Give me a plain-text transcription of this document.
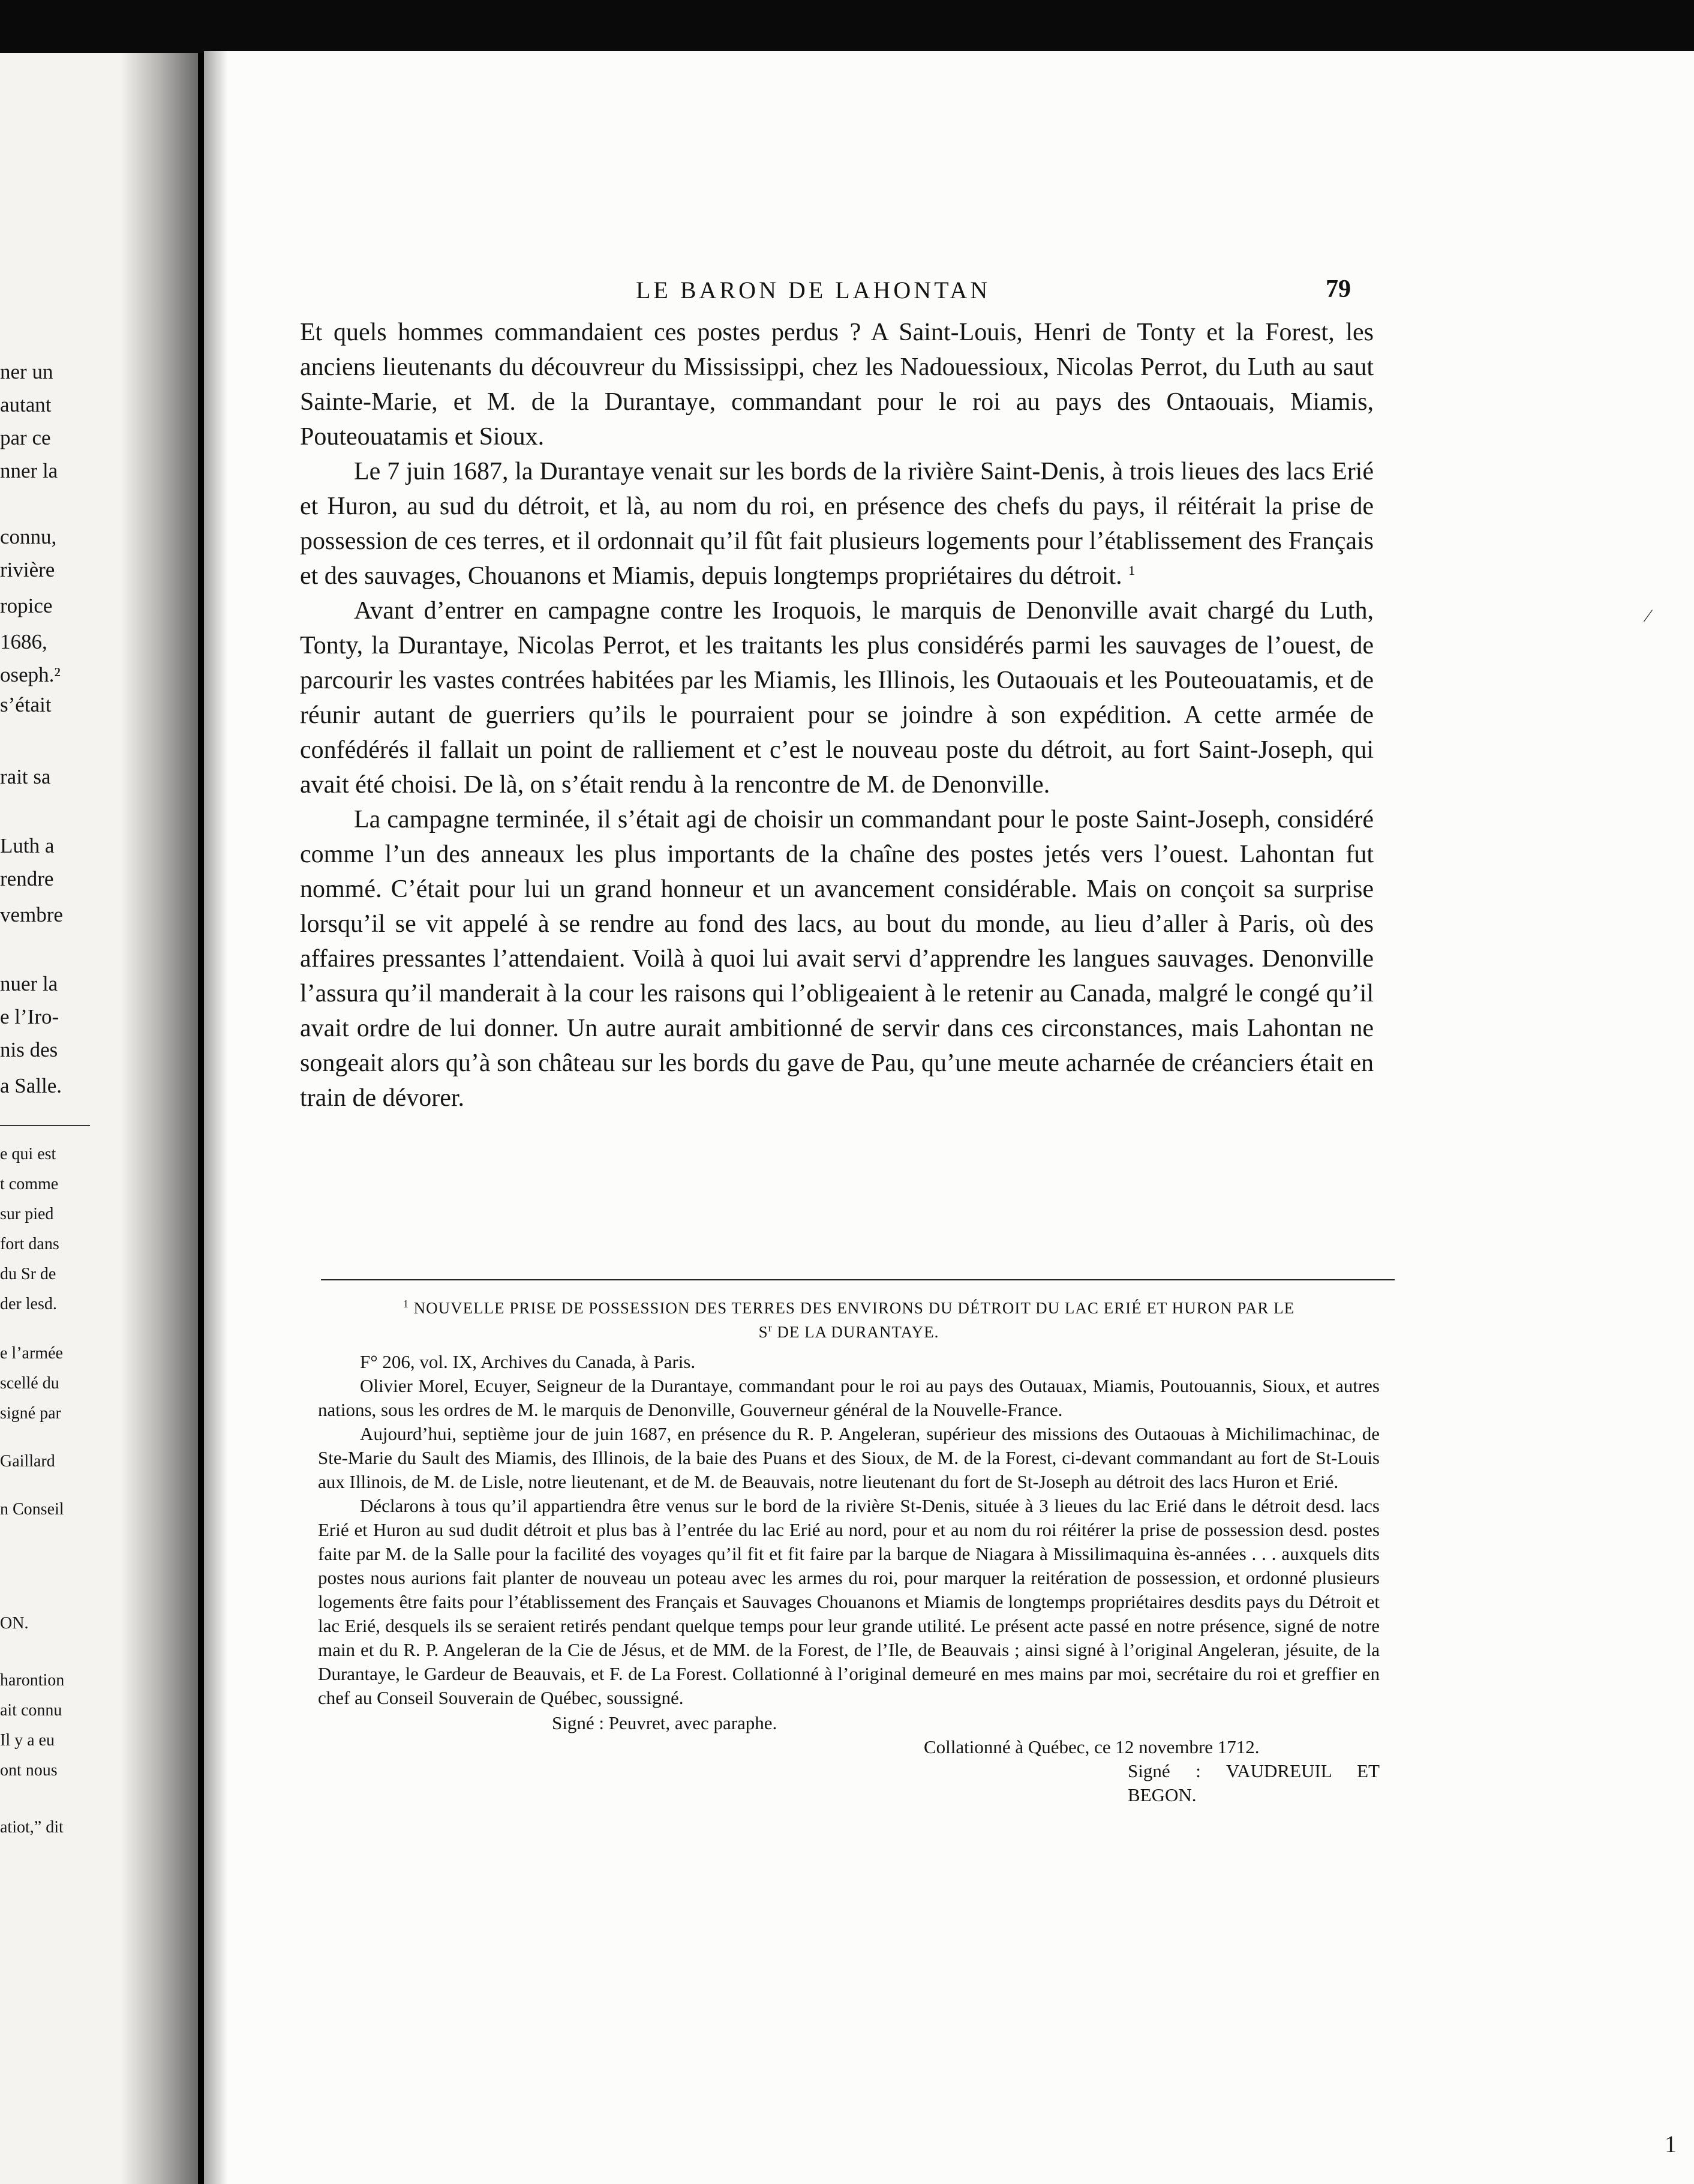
ner un
autant
par ce
nner la
connu,
rivière
ropice
1686,
oseph.²
s’était
rait sa
Luth a
rendre
vembre
nuer la
e l’Iro-
nis des
a Salle.
e qui est
t comme
sur pied
fort dans
du Sr de
der lesd.
e l’armée
scellé du
signé par
Gaillard
n Conseil
ON.
harontion
ait connu
Il y a eu
ont nous
atiot,” dit
LE BARON DE LAHONTAN	79

Et quels hommes commandaient ces postes perdus ? A Saint-Louis, Henri de Tonty et la Forest, les anciens lieutenants du découvreur du Mississippi, chez les Nadouessioux, Nicolas Perrot, du Luth au saut Sainte-Marie, et M. de la Durantaye, commandant pour le roi au pays des Ontaouais, Miamis, Pouteouatamis et Sioux.

Le 7 juin 1687, la Durantaye venait sur les bords de la rivière Saint-Denis, à trois lieues des lacs Erié et Huron, au sud du détroit, et là, au nom du roi, en présence des chefs du pays, il réitérait la prise de possession de ces terres, et il ordonnait qu’il fût fait plusieurs logements pour l’établissement des Français et des sauvages, Chouanons et Miamis, depuis longtemps propriétaires du détroit. $^1$

Avant d’entrer en campagne contre les Iroquois, le marquis de Denonville avait chargé du Luth, Tonty, la Durantaye, Nicolas Perrot, et les traitants les plus considérés parmi les sauvages de l’ouest, de parcourir les vastes contrées habitées par les Miamis, les Illinois, les Outaouais et les Pouteouatamis, et de réunir autant de guerriers qu’ils le pourraient pour se joindre à son expédition. A cette armée de confédérés il fallait un point de ralliement et c’est le nouveau poste du détroit, au fort Saint-Joseph, qui avait été choisi. De là, on s’était rendu à la rencontre de M. de Denonville.

La campagne terminée, il s’était agi de choisir un commandant pour le poste Saint-Joseph, considéré comme l’un des anneaux les plus importants de la chaîne des postes jetés vers l’ouest. Lahontan fut nommé. C’était pour lui un grand honneur et un avancement considérable. Mais on conçoit sa surprise lorsqu’il se vit appelé à se rendre au fond des lacs, au bout du monde, au lieu d’aller à Paris, où des affaires pressantes l’attendaient. Voilà à quoi lui avait servi d’apprendre les langues sauvages. Denonville l’assura qu’il manderait à la cour les raisons qui l’obligeaient à le retenir au Canada, malgré le congé qu’il avait ordre de lui donner. Un autre aurait ambitionné de servir dans ces circonstances, mais Lahontan ne songeait alors qu’à son château sur les bords du gave de Pau, qu’une meute acharnée de créanciers était en train de dévorer.

$^1$ NOUVELLE PRISE DE POSSESSION DES TERRES DES ENVIRONS DU DÉTROIT DU LAC ERIÉ ET HURON PAR LE
$S^r$ DE LA DURANTAYE.

F° 206, vol. IX, Archives du Canada, à Paris.

Olivier Morel, Ecuyer, Seigneur de la Durantaye, commandant pour le roi au pays des Outauax, Miamis, Poutouannis, Sioux, et autres nations, sous les ordres de M. le marquis de Denonville, Gouverneur général de la Nouvelle-France.

Aujourd’hui, septième jour de juin 1687, en présence du R. P. Angeleran, supérieur des missions des Outaouas à Michilimachinac, de Ste-Marie du Sault des Miamis, des Illinois, de la baie des Puans et des Sioux, de M. de la Forest, ci-devant commandant au fort de St-Louis aux Illinois, de M. de Lisle, notre lieutenant, et de M. de Beauvais, notre lieutenant du fort de St-Joseph au détroit des lacs Huron et Erié.

Déclarons à tous qu’il appartiendra être venus sur le bord de la rivière St-Denis, située à 3 lieues du lac Erié dans le détroit desd. lacs Erié et Huron au sud dudit détroit et plus bas à l’entrée du lac Erié au nord, pour et au nom du roi réitérer la prise de possession desd. postes faite par M. de la Salle pour la facilité des voyages qu’il fit et fit faire par la barque de Niagara à Missilimaquina ès-années . . . auxquels dits postes nous aurions fait planter de nouveau un poteau avec les armes du roi, pour marquer la reitération de possession, et ordonné plusieurs logements être faits pour l’établissement des Français et Sauvages Chouanons et Miamis de longtemps propriétaires desdits pays du Détroit et lac Erié, desquels ils se seraient retirés pendant quelque temps pour leur grande utilité. Le présent acte passé en notre présence, signé de notre main et du R. P. Angeleran de la Cie de Jésus, et de MM. de la Forest, de l’Ile, de Beauvais ; ainsi signé à l’original Angeleran, jésuite, de la Durantaye, le Gardeur de Beauvais, et F. de La Forest. Collationné à l’original demeuré en mes mains par moi, secrétaire du roi et greffier en chef au Conseil Souverain de Québec, soussigné.

Signé : Peuvret, avec paraphe.

Collationné à Québec, ce 12 novembre 1712.

Signé : VAUDREUIL ET BEGON.

⁄
1
